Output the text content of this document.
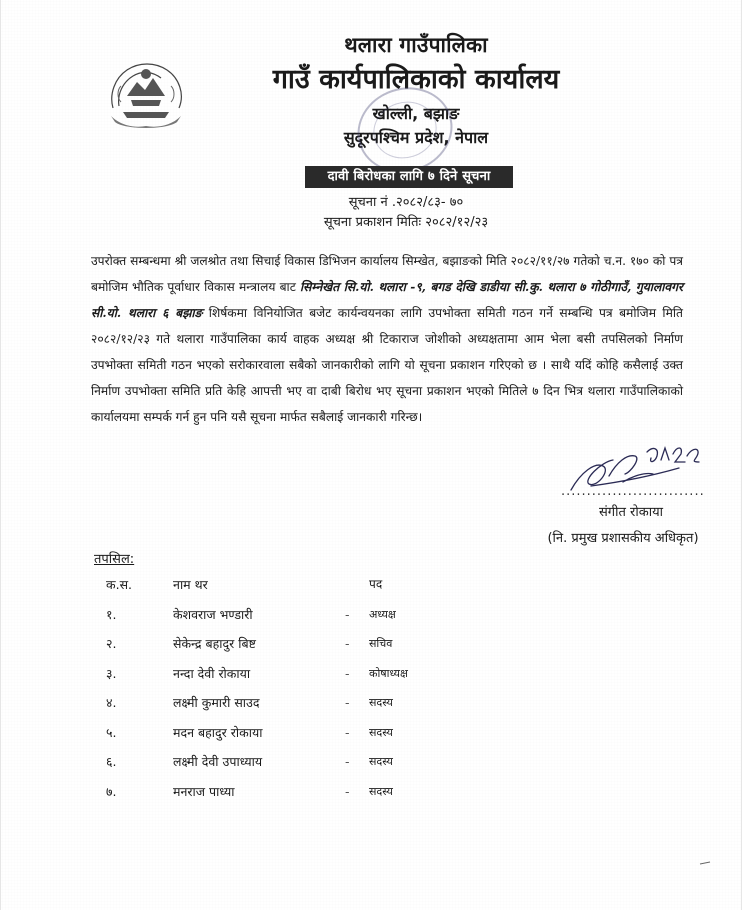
थलारा गाउँपालिका
गाउँ कार्यपालिकाको कार्यालय
खोल्ली, बझाङ
सुदूरपश्चिम प्रदेश, नेपाल
दावी बिरोधका लागि ७ दिने सूचना
सूचना नं .२०८२/८३- ७०
सूचना प्रकाशन मितिः २०८२/१२/२३
उपरोक्त सम्बन्धमा श्री जलश्रोत तथा सिचाई विकास डिभिजन कार्यालय सिम्खेत, बझाङको मिति २०८२/११/२७ गतेको च.न. १७० को पत्र बमोजिम भौतिक पूर्वाधार विकास मन्त्रालय बाट सिम्नेखेत सि.यो. थलारा -९, बगड देखि डाडीया सी.कु. थलारा ७ गोठीगाउँ, गुयालावगर सी.यो. थलारा ६ बझाङ शिर्षकमा विनियोजित बजेट कार्यन्वयनका लागि उपभोक्ता समिती गठन गर्ने सम्बन्धि पत्र बमोजिम मिति २०८२/१२/२३ गते थलारा गाउँपालिका कार्य वाहक अध्यक्ष श्री टिकाराज जोशीको अध्यक्षतामा आम भेला बसी तपसिलको निर्माण उपभोक्ता समिती गठन भएको सरोकारवाला सबैको जानकारीको लागि यो सूचना प्रकाशन गरिएको छ । साथै यदिं कोहि कसैलाई उक्त निर्माण उपभोक्ता समिति प्रति केहि आपत्ती भए वा दाबी बिरोध भए सूचना प्रकाशन भएको मितिले ७ दिन भित्र थलारा गाउँपालिकाको कार्यालयमा सम्पर्क गर्न हुन पनि यसै सूचना मार्फत सबैलाई जानकारी गरिन्छ।
............................
संगीत रोकाया
(नि. प्रमुख प्रशासकीय अधिकृत)
तपसिल:
क.स.	नाम थर	पद
१.	केशवराज भण्डारी	-	अध्यक्ष
२.	सेकेन्द्र बहादुर बिष्ट	-	सचिव
३.	नन्दा देवी रोकाया	-	कोषाध्यक्ष
४.	लक्ष्मी कुमारी साउद	-	सदस्य
५.	मदन बहादुर रोकाया	-	सदस्य
६.	लक्ष्मी देवी उपाध्याय	-	सदस्य
७.	मनराज पाध्या	-	सदस्य
